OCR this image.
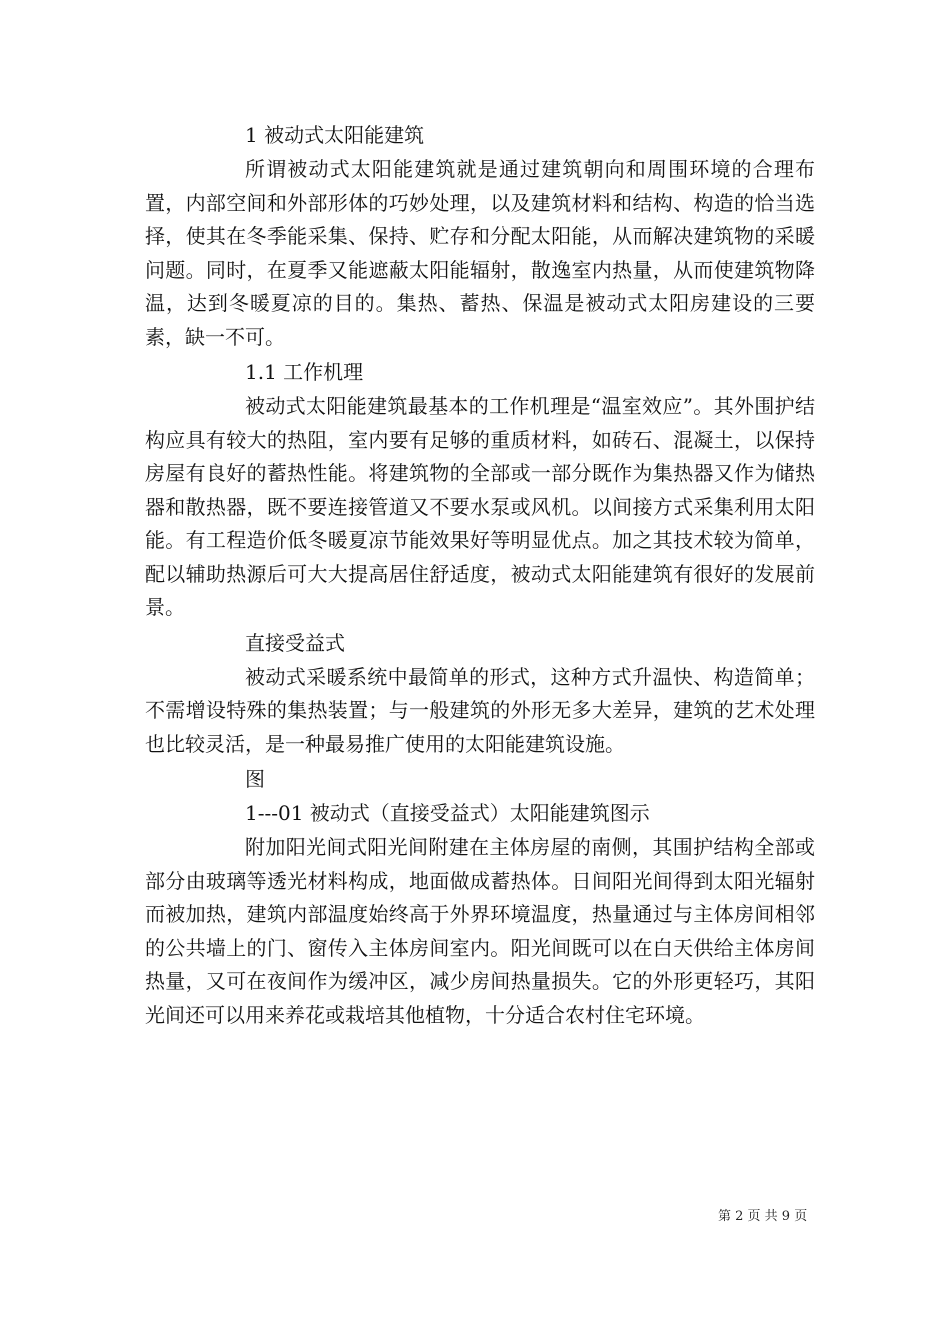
1 被动式太阳能建筑

所谓被动式太阳能建筑就是通过建筑朝向和周围环境的合理布置，内部空间和外部形体的巧妙处理，以及建筑材料和结构、构造的恰当选择，使其在冬季能采集、保持、贮存和分配太阳能，从而解决建筑物的采暖问题。同时，在夏季又能遮蔽太阳能辐射，散逸室内热量，从而使建筑物降温，达到冬暖夏凉的目的。集热、蓄热、保温是被动式太阳房建设的三要素，缺一不可。

1.1 工作机理

被动式太阳能建筑最基本的工作机理是“温室效应”。其外围护结构应具有较大的热阻，室内要有足够的重质材料，如砖石、混凝土，以保持房屋有良好的蓄热性能。将建筑物的全部或一部分既作为集热器又作为储热器和散热器，既不要连接管道又不要水泵或风机。以间接方式采集利用太阳能。有工程造价低冬暖夏凉节能效果好等明显优点。加之其技术较为简单，配以辅助热源后可大大提高居住舒适度，被动式太阳能建筑有很好的发展前景。

直接受益式

被动式采暖系统中最简单的形式，这种方式升温快、构造简单；不需增设特殊的集热装置；与一般建筑的外形无多大差异，建筑的艺术处理也比较灵活，是一种最易推广使用的太阳能建筑设施。

图
1---01 被动式（直接受益式）太阳能建筑图示

附加阳光间式阳光间附建在主体房屋的南侧，其围护结构全部或部分由玻璃等透光材料构成，地面做成蓄热体。日间阳光间得到太阳光辐射而被加热，建筑内部温度始终高于外界环境温度，热量通过与主体房间相邻的公共墙上的门、窗传入主体房间室内。阳光间既可以在白天供给主体房间热量，又可在夜间作为缓冲区，减少房间热量损失。它的外形更轻巧，其阳光间还可以用来养花或栽培其他植物，十分适合农村住宅环境。

第 2 页 共 9 页
